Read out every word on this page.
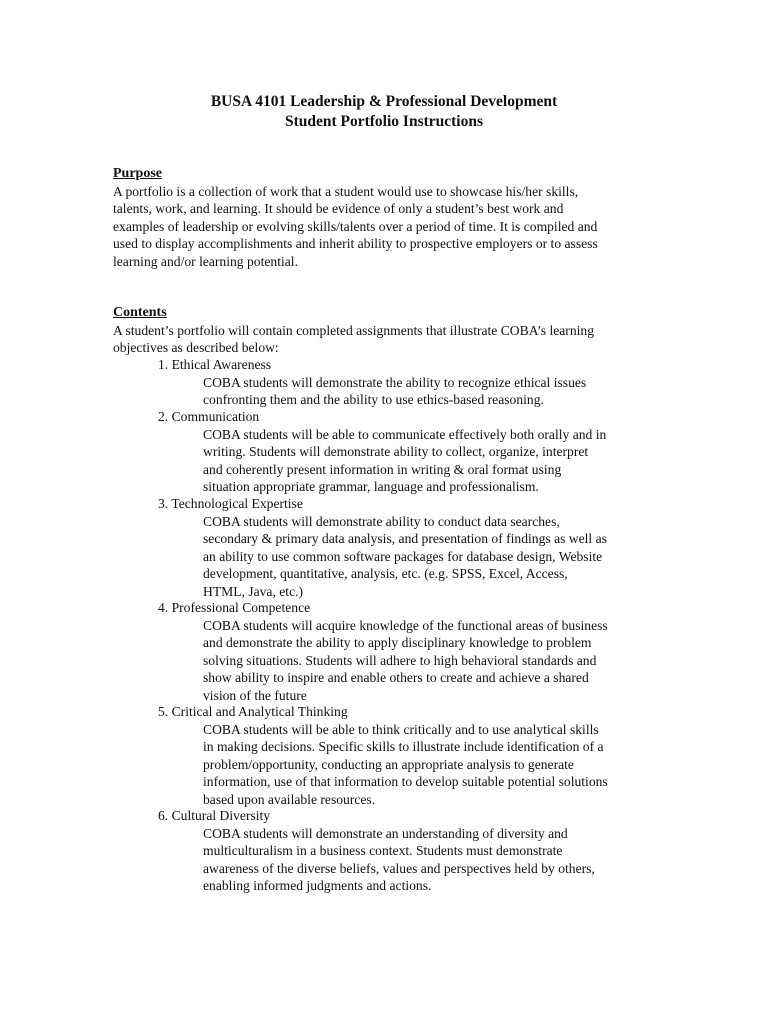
BUSA 4101 Leadership & Professional Development
Student Portfolio Instructions
Purpose
A portfolio is a collection of work that a student would use to showcase his/her skills,
talents, work, and learning. It should be evidence of only a student’s best work and
examples of leadership or evolving skills/talents over a period of time. It is compiled and
used to display accomplishments and inherit ability to prospective employers or to assess
learning and/or learning potential.
Contents
A student’s portfolio will contain completed assignments that illustrate COBA’s learning
objectives as described below:
1. Ethical Awareness
COBA students will demonstrate the ability to recognize ethical issues
confronting them and the ability to use ethics-based reasoning.
2. Communication
COBA students will be able to communicate effectively both orally and in
writing. Students will demonstrate ability to collect, organize, interpret
and coherently present information in writing & oral format using
situation appropriate grammar, language and professionalism.
3. Technological Expertise
COBA students will demonstrate ability to conduct data searches,
secondary & primary data analysis, and presentation of findings as well as
an ability to use common software packages for database design, Website
development, quantitative, analysis, etc. (e.g. SPSS, Excel, Access,
HTML, Java, etc.)
4. Professional Competence
COBA students will acquire knowledge of the functional areas of business
and demonstrate the ability to apply disciplinary knowledge to problem
solving situations. Students will adhere to high behavioral standards and
show ability to inspire and enable others to create and achieve a shared
vision of the future
5. Critical and Analytical Thinking
COBA students will be able to think critically and to use analytical skills
in making decisions. Specific skills to illustrate include identification of a
problem/opportunity, conducting an appropriate analysis to generate
information, use of that information to develop suitable potential solutions
based upon available resources.
6. Cultural Diversity
COBA students will demonstrate an understanding of diversity and
multiculturalism in a business context. Students must demonstrate
awareness of the diverse beliefs, values and perspectives held by others,
enabling informed judgments and actions.
